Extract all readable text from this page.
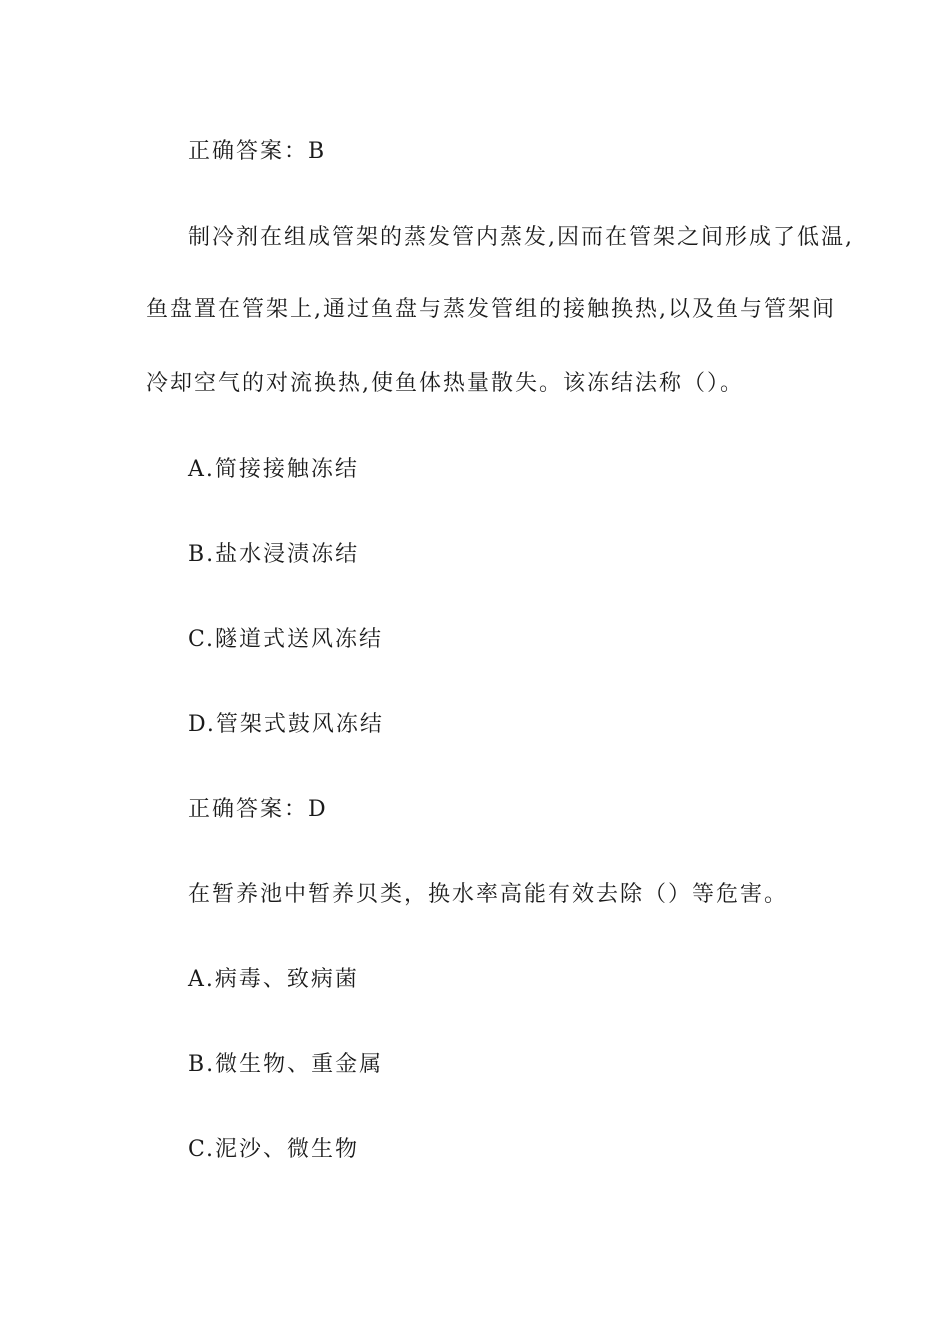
正确答案：B
制冷剂在组成管架的蒸发管内蒸发,因而在管架之间形成了低温,
鱼盘置在管架上,通过鱼盘与蒸发管组的接触换热,以及鱼与管架间
冷却空气的对流换热,使鱼体热量散失。该冻结法称（）。
A.简接接触冻结
B.盐水浸渍冻结
C.隧道式送风冻结
D.管架式鼓风冻结
正确答案：D
在暂养池中暂养贝类，换水率高能有效去除（）等危害。
A.病毒、致病菌
B.微生物、重金属
C.泥沙、微生物
